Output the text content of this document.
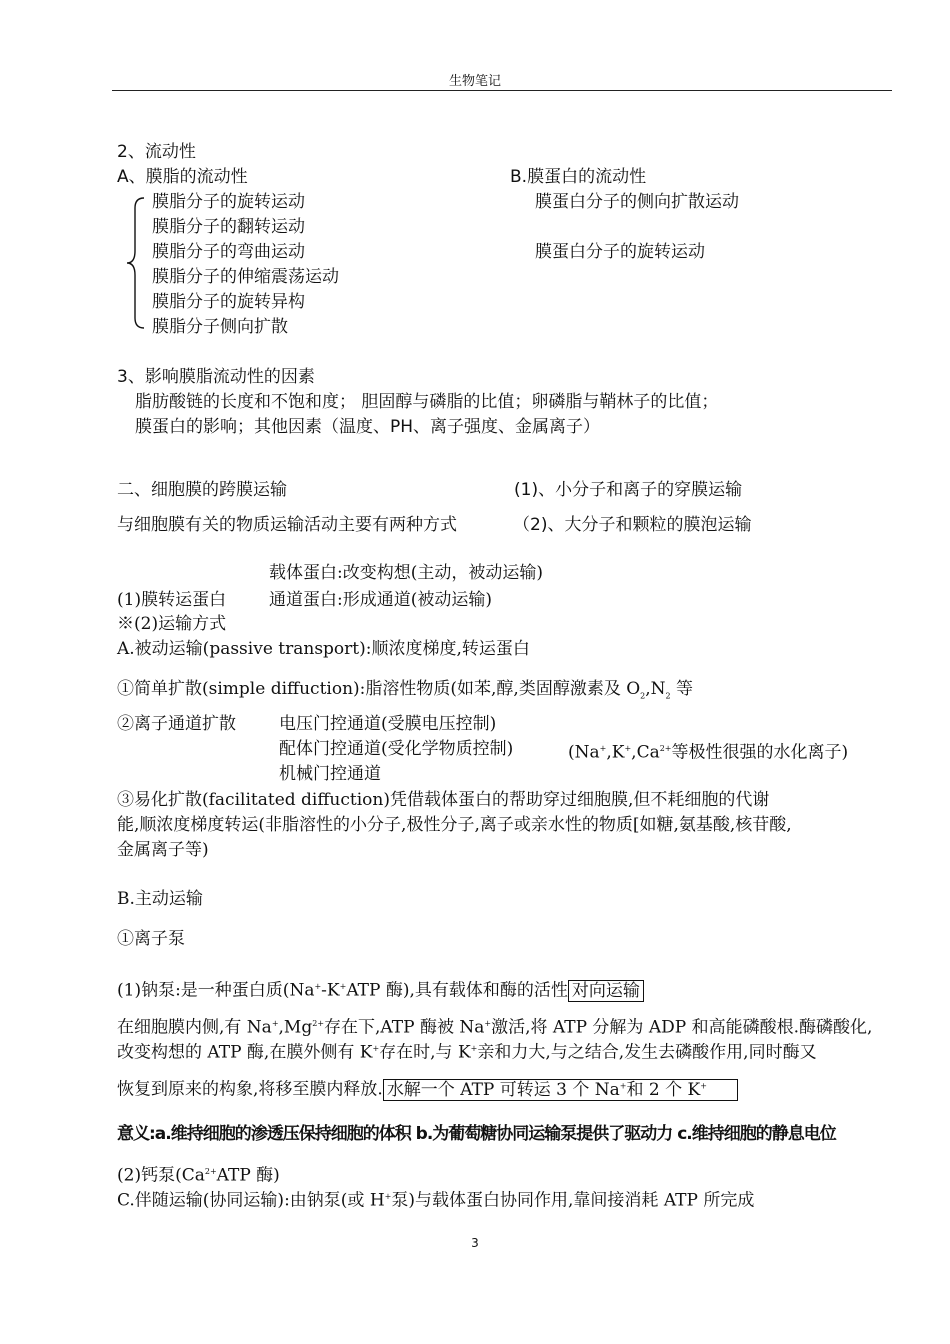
生物笔记
2、流动性
A、膜脂的流动性	B.膜蛋白的流动性
膜脂分子的旋转运动
膜脂分子的翻转运动
膜脂分子的弯曲运动
膜脂分子的伸缩震荡运动
膜脂分子的旋转异构
膜脂分子侧向扩散
膜蛋白分子的侧向扩散运动
膜蛋白分子的旋转运动
3、影响膜脂流动性的因素
脂肪酸链的长度和不饱和度； 胆固醇与磷脂的比值；卵磷脂与鞘林子的比值；
膜蛋白的影响；其他因素（温度、PH、离子强度、金属离子）
二、细胞膜的跨膜运输	(1)、小分子和离子的穿膜运输
与细胞膜有关的物质运输活动主要有两种方式	（2)、大分子和颗粒的膜泡运输
载体蛋白:改变构想(主动，被动运输)
(1)膜转运蛋白	通道蛋白:形成通道(被动运输)
※(2)运输方式
A.被动运输(passive transport):顺浓度梯度,转运蛋白
①简单扩散(simple diffuction):脂溶性物质(如苯,醇,类固醇激素及 $O_2,N_2$ 等
②离子通道扩散	电压门控通道(受膜电压控制)
配体门控通道(受化学物质控制)	($Na^+,K^+,Ca^{2+}$等极性很强的水化离子)
机械门控通道
③易化扩散(facilitated diffuction)凭借载体蛋白的帮助穿过细胞膜,但不耗细胞的代谢
能,顺浓度梯度转运(非脂溶性的小分子,极性分子,离子或亲水性的物质[如糖,氨基酸,核苷酸,
金属离子等)
B.主动运输
①离子泵
(1)钠泵:是一种蛋白质(Na+-K+ATP 酶),具有载体和酶的活性 对向运输
在细胞膜内侧,有 $Na^+,Mg^{2+}$存在下,ATP 酶被 Na+激活,将 ATP 分解为 ADP 和高能磷酸根.酶磷酸化,
改变构想的 ATP 酶,在膜外侧有 K+存在时,与 K+亲和力大,与之结合,发生去磷酸作用,同时酶又
恢复到原来的构象,将移至膜内释放. 水解一个 ATP 可转运 3 个 Na+和 2 个 K+
意义:a.维持细胞的渗透压保持细胞的体积 b.为葡萄糖协同运输泵提供了驱动力 c.维持细胞的静息电位
(2)钙泵($Ca^{2+}ATP$ 酶)
C.伴随运输(协同运输):由钠泵(或 H+泵)与载体蛋白协同作用,靠间接消耗 ATP 所完成
3
